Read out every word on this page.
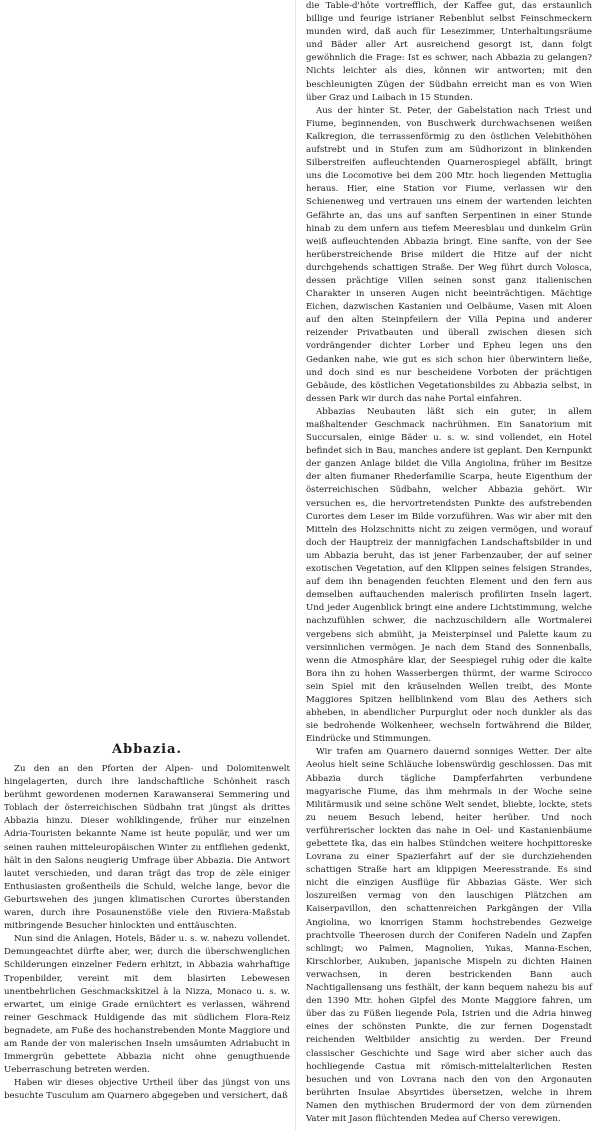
Abbazia.

Zu den an den Pforten der Alpen- und Dolomitenwelt hingelagerten, durch ihre landschaftliche Schönheit rasch berühmt gewordenen modernen Karawanserai Semmering und Toblach der österreichischen Südbahn trat jüngst als drittes Abbazia hinzu. Dieser wohlklingende, früher nur einzelnen Adria-Touristen bekannte Name ist heute populär, und wer um seinen rauhen mitteleuropäischen Winter zu entfliehen gedenkt, hält in den Salons neugierig Umfrage über Abbazia. Die Antwort lautet verschieden, und daran trägt das trop de zèle einiger Enthusiasten großentheils die Schuld, welche lange, bevor die Geburtswehen des jungen klimatischen Curortes überstanden waren, durch ihre Posaunenstöße viele den Riviera-Maßstab mitbringende Besucher hinlockten und enttäuschten.

Nun sind die Anlagen, Hotels, Bäder u. s. w. nahezu vollendet. Demungeachtet dürfte aber, wer, durch die überschwenglichen Schilderungen einzelner Federn erhitzt, in Abbazia wahrhaftige Tropenbilder, vereint mit dem blasirten Lebewesen unentbehrlichen Geschmackskitzel à la Nizza, Monaco u. s. w. erwartet, um einige Grade ernüchtert es verlassen, während reiner Geschmack Huldigende das mit südlichem Flora-Reiz begnadete, am Fuße des hochanstrebenden Monte Maggiore und am Rande der von malerischen Inseln umsäumten Adriabucht in Immergrün gebettete Abbazia nicht ohne genugthuende Ueberraschung betreten werden.

Haben wir dieses objective Urtheil über das jüngst von uns besuchte Tusculum am Quarnero abgegeben und versichert, daß

die Table-d'hôte vortrefflich, der Kaffee gut, das erstaunlich billige und feurige istrianer Rebenblut selbst Feinschmeckern munden wird, daß auch für Lesezimmer, Unterhaltungsräume und Bäder aller Art ausreichend gesorgt ist, dann folgt gewöhnlich die Frage: Ist es schwer, nach Abbazia zu gelangen? Nichts leichter als dies, können wir antworten; mit den beschleunigten Zügen der Südbahn erreicht man es von Wien über Graz und Laibach in 15 Stunden.

Aus der hinter St. Peter, der Gabelstation nach Triest und Fiume, beginnenden, von Buschwerk durchwachsenen weißen Kalkregion, die terrassenförmig zu den östlichen Velebithöhen aufstrebt und in Stufen zum am Südhorizont in blinkenden Silberstreifen aufleuchtenden Quarnerospiegel abfällt, bringt uns die Locomotive bei dem 200 Mtr. hoch liegenden Mettuglia heraus. Hier, eine Station vor Fiume, verlassen wir den Schienenweg und vertrauen uns einem der wartenden leichten Gefährte an, das uns auf sanften Serpentinen in einer Stunde hinab zu dem unfern aus tiefem Meeresblau und dunkelm Grün weiß aufleuchtenden Abbazia bringt. Eine sanfte, von der See herüberstreichende Brise mildert die Hitze auf der nicht durchgehends schattigen Straße. Der Weg führt durch Volosca, dessen prächtige Villen seinen sonst ganz italienischen Charakter in unseren Augen nicht beeinträchtigen. Mächtige Eichen, dazwischen Kastanien und Oelbäume, Vasen mit Aloen auf den alten Steinpfeilern der Villa Pepina und anderer reizender Privatbauten und überall zwischen diesen sich vordrängender dichter Lorber und Epheu legen uns den Gedanken nahe, wie gut es sich schon hier überwintern ließe, und doch sind es nur bescheidene Vorboten der prächtigen Gebäude, des köstlichen Vegetationsbildes zu Abbazia selbst, in dessen Park wir durch das nahe Portal einfahren.

Abbazias Neubauten läßt sich ein guter, in allem maßhaltender Geschmack nachrühmen. Ein Sanatorium mit Succursalen, einige Bäder u. s. w. sind vollendet, ein Hotel befindet sich in Bau, manches andere ist geplant. Den Kernpunkt der ganzen Anlage bildet die Villa Angiolina, früher im Besitze der alten fiumaner Rhederfamilie Scarpa, heute Eigenthum der österreichischen Südbahn, welcher Abbazia gehört. Wir versuchen es, die hervortretendsten Punkte des aufstrebenden Curortes dem Leser im Bilde vorzuführen. Was wir aber mit den Mitteln des Holzschnitts nicht zu zeigen vermögen, und worauf doch der Hauptreiz der mannigfachen Landschaftsbilder in und um Abbazia beruht, das ist jener Farbenzauber, der auf seiner exotischen Vegetation, auf den Klippen seines felsigen Strandes, auf dem ihn benagenden feuchten Element und den fern aus demselben auftauchenden malerisch profilirten Inseln lagert. Und jeder Augenblick bringt eine andere Lichtstimmung, welche nachzufühlen schwer, die nachzuschildern alle Wortmalerei vergebens sich abmüht, ja Meisterpinsel und Palette kaum zu versinnlichen vermögen. Je nach dem Stand des Sonnenballs, wenn die Atmosphäre klar, der Seespiegel ruhig oder die kalte Bora ihn zu hohen Wasserbergen thürmt, der warme Scirocco sein Spiel mit den kräuselnden Wellen treibt, des Monte Maggiores Spitzen hellblinkend vom Blau des Aethers sich abheben, in abendlicher Purpurglut oder noch dunkler als das sie bedrohende Wolkenheer, wechseln fortwährend die Bilder, Eindrücke und Stimmungen.

Wir trafen am Quarnero dauernd sonniges Wetter. Der alte Aeolus hielt seine Schläuche lobenswürdig geschlossen. Das mit Abbazia durch tägliche Dampferfahrten verbundene magyarische Fiume, das ihm mehrmals in der Woche seine Militärmusik und seine schöne Welt sendet, bliebte, lockte, stets zu neuem Besuch lebend, heiter herüber. Und noch verführerischer lockten das nahe in Oel- und Kastanienbäume gebettete Ika, das ein halbes Stündchen weitere hochpittoreske Lovrana zu einer Spazierfahrt auf der sie durchziehenden schattigen Straße hart am klippigen Meeresstrande. Es sind nicht die einzigen Ausflüge für Abbazias Gäste. Wer sich loszureißen vermag von den lauschigen Plätzchen am Kaiserpavillon, den schattenreichen Parkgängen der Villa Angiolina, wo knorrigen Stamm hochstrebendes Gezweige prachtvolle Theerosen durch der Coniferen Nadeln und Zapfen schlingt; wo Palmen, Magnolien, Yukas, Manna-Eschen, Kirschlorber, Aukuben, japanische Mispeln zu dichten Hainen verwachsen, in deren bestrickenden Bann auch Nachtigallensang uns festhält, der kann bequem nahezu bis auf den 1390 Mtr. hohen Gipfel des Monte Maggiore fahren, um über das zu Füßen liegende Pola, Istrien und die Adria hinweg eines der schönsten Punkte, die zur fernen Dogenstadt reichenden Weltbilder ansichtig zu werden. Der Freund classischer Geschichte und Sage wird aber sicher auch das hochliegende Castua mit römisch-mittelalterlichen Resten besuchen und von Lovrana nach den von den Argonauten berührten Insulae Absyrtides übersetzen, welche in ihrem Namen den mythischen Brudermord der von dem zürnenden Vater mit Jason flüchtenden Medea auf Cherso verewigen.
